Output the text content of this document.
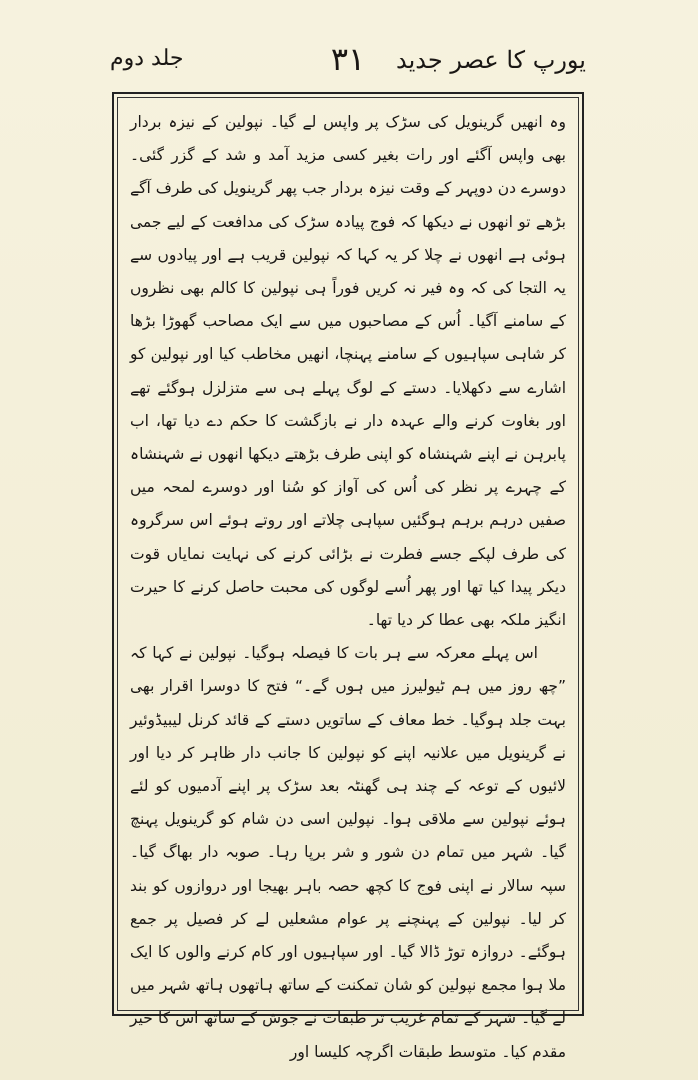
یورپ کا عصر جدید
۳۱
جلد دوم

وہ انھیں گرینویل کی سڑک پر واپس لے گیا۔ نپولین کے نیزہ بردار بھی واپس آگئے اور رات بغیر کسی مزید آمد و شد کے گزر گئی۔ دوسرے دن دوپہر کے وقت نیزہ بردار جب پھر گرینویل کی طرف آگے بڑھے تو انھوں نے دیکھا کہ فوج پیادہ سڑک کی مدافعت کے لیے جمی ہوئی ہے انھوں نے چلا کر یہ کہا کہ نپولین قریب ہے اور پیادوں سے یہ التجا کی کہ وہ فیر نہ کریں فوراً ہی نپولین کا کالم بھی نظروں کے سامنے آگیا۔ اُس کے مصاحبوں میں سے ایک مصاحب گھوڑا بڑھا کر شاہی سپاہیوں کے سامنے پہنچا، انھیں مخاطب کیا اور نپولین کو اشارے سے دکھلایا۔ دستے کے لوگ پہلے ہی سے متزلزل ہوگئے تھے اور بغاوت کرنے والے عہدہ دار نے بازگشت کا حکم دے دیا تھا، اب پابرہن نے اپنے شہنشاہ کو اپنی طرف بڑھتے دیکھا انھوں نے شہنشاہ کے چہرے پر نظر کی اُس کی آواز کو سُنا اور دوسرے لمحہ میں صفیں درہم برہم ہوگئیں سپاہی چلاتے اور روتے ہوئے اس سرگروہ کی طرف لپکے جسے فطرت نے بڑائی کرنے کی نہایت نمایاں قوت دیکر پیدا کیا تھا اور پھر اُسے لوگوں کی محبت حاصل کرنے کا حیرت انگیز ملکہ بھی عطا کر دیا تھا۔

اس پہلے معرکہ سے ہر بات کا فیصلہ ہوگیا۔ نپولین نے کہا کہ ”چھ روز میں ہم ٹیولیرز میں ہوں گے۔“ فتح کا دوسرا اقرار بھی بہت جلد ہوگیا۔ خط معاف کے ساتویں دستے کے قائد کرنل لیبیڈوئیر نے گرینویل میں علانیہ اپنے کو نپولین کا جانب دار ظاہر کر دیا اور لائیوں کے توعہ کے چند ہی گھنٹہ بعد سڑک پر اپنے آدمیوں کو لئے ہوئے نپولین سے ملاقی ہوا۔ نپولین اسی دن شام کو گرینویل پہنچ گیا۔ شہر میں تمام دن شور و شر برپا رہا۔ صوبہ دار بھاگ گیا۔ سپہ سالار نے اپنی فوج کا کچھ حصہ باہر بھیجا اور دروازوں کو بند کر لیا۔ نپولین کے پہنچنے پر عوام مشعلیں لے کر فصیل پر جمع ہوگئے۔ دروازہ توڑ ڈالا گیا۔ اور سپاہیوں اور کام کرنے والوں کا ایک ملا ہوا مجمع نپولین کو شان تمکنت کے ساتھ ہاتھوں ہاتھ شہر میں لے گیا۔ شہر کے تمام غریب تر طبقات نے جوش کے ساتھ اس کا خیر مقدم کیا۔ متوسط طبقات اگرچہ کلیسا اور
